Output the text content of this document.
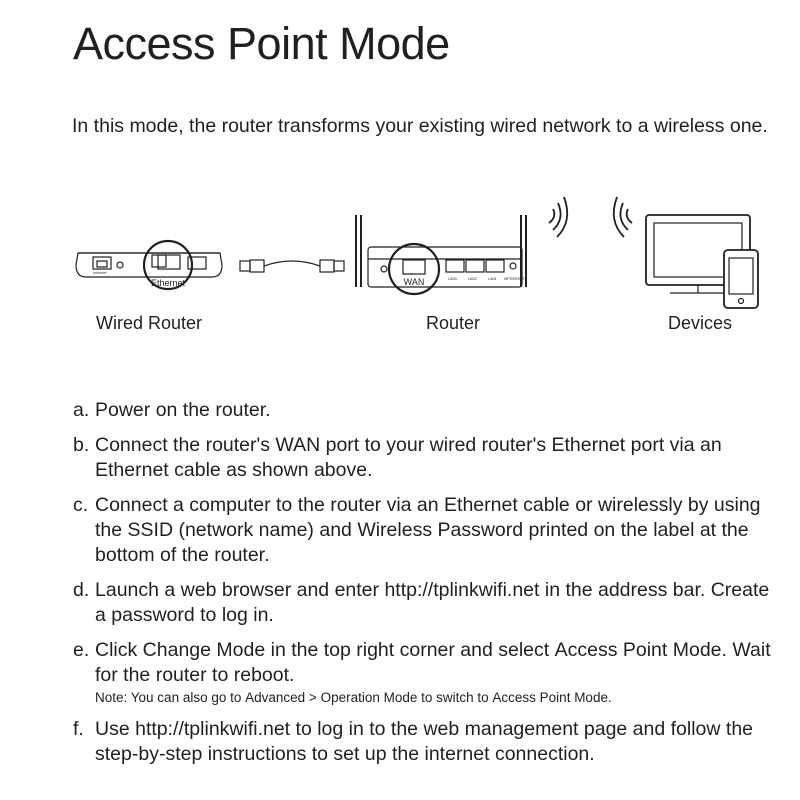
Access Point Mode

In this mode, the router transforms your existing wired network to a wireless one.

Internet
Ethernet	WAN	LAN3	LAN2	LAN1 WPS/RESET
Wired Router	Router	Devices
a. Power on the router.
b. Connect the router's WAN port to your wired router's Ethernet port via an Ethernet cable as shown above.
c. Connect a computer to the router via an Ethernet cable or wirelessly by using the SSID (network name) and Wireless Password printed on the label at the bottom of the router.
d. Launch a web browser and enter http://tplinkwifi.net in the address bar. Create a password to log in.
e. Click Change Mode in the top right corner and select Access Point Mode. Wait for the router to reboot.
Note: You can also go to Advanced > Operation Mode to switch to Access Point Mode.
f. Use http://tplinkwifi.net to log in to the web management page and follow the step-by-step instructions to set up the internet connection.
